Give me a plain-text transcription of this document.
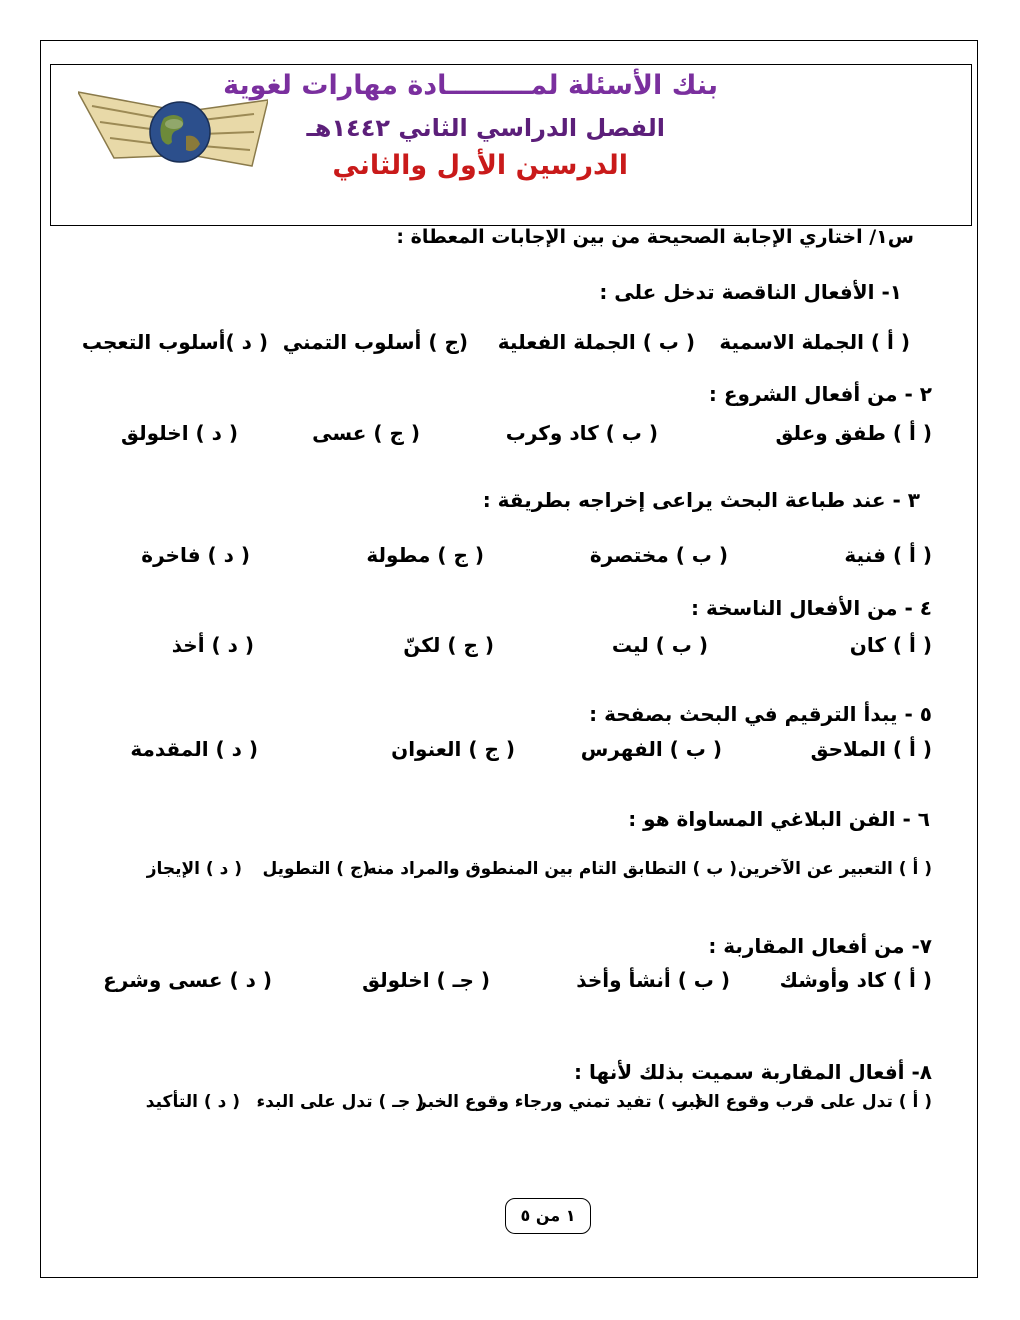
بنك الأسئلة لمـــــــــادة مهارات لغوية
الفصل الدراسي الثاني ١٤٤٢هـ
الدرسين الأول والثاني
س١/ اختاري الإجابة الصحيحة من بين الإجابات المعطاة :
١- الأفعال الناقصة تدخل على :
( أ ) الجملة الاسمية
( ب ) الجملة الفعلية
(ج ) أسلوب التمني
( د )أسلوب التعجب
٢ - من أفعال الشروع :
( أ ) طفق وعلق
( ب ) كاد وكرب
( ج ) عسى
( د ) اخلولق
٣ - عند طباعة البحث يراعى إخراجه بطريقة :
( أ ) فنية
( ب ) مختصرة
( ج ) مطولة
( د ) فاخرة
٤ - من الأفعال الناسخة :
( أ ) كان
( ب ) ليت
( ج ) لكنّ
( د ) أخذ
٥ - يبدأ الترقيم في البحث بصفحة :
( أ ) الملاحق
( ب ) الفهرس
( ج ) العنوان
( د ) المقدمة
٦ - الفن البلاغي المساواة هو :
( أ ) التعبير عن الآخرين
( ب ) التطابق التام بين المنطوق والمراد منه
(ج ) التطويل
( د ) الإيجاز
٧- من أفعال المقاربة :
( أ ) كاد وأوشك
( ب ) أنشأ وأخذ
( جـ ) اخلولق
( د ) عسى وشرع
٨- أفعال المقاربة سميت بذلك لأنها :
( أ ) تدل على قرب وقوع الخبر
( ب ) تفيد تمني ورجاء وقوع الخبر
( جـ ) تدل على البدء
( د ) التأكيد
١ من ٥
